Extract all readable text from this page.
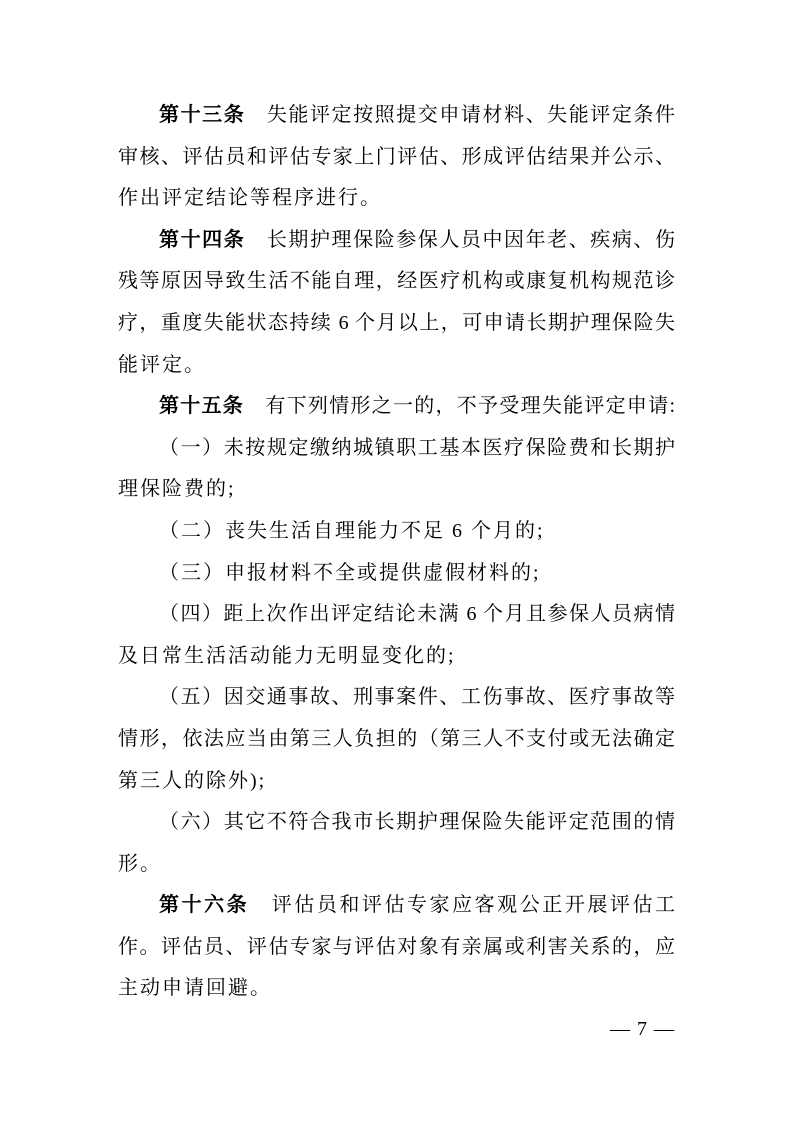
第十三条　失能评定按照提交申请材料、失能评定条件
审核、评估员和评估专家上门评估、形成评估结果并公示、
作出评定结论等程序进行。
第十四条　长期护理保险参保人员中因年老、疾病、伤
残等原因导致生活不能自理，经医疗机构或康复机构规范诊
疗，重度失能状态持续 6 个月以上，可申请长期护理保险失
能评定。
第十五条　有下列情形之一的，不予受理失能评定申请:
（一）未按规定缴纳城镇职工基本医疗保险费和长期护
理保险费的;
（二）丧失生活自理能力不足 6 个月的;
（三）申报材料不全或提供虚假材料的;
（四）距上次作出评定结论未满 6 个月且参保人员病情
及日常生活活动能力无明显变化的;
（五）因交通事故、刑事案件、工伤事故、医疗事故等
情形，依法应当由第三人负担的（第三人不支付或无法确定
第三人的除外);
（六）其它不符合我市长期护理保险失能评定范围的情
形。
第十六条　评估员和评估专家应客观公正开展评估工
作。评估员、评估专家与评估对象有亲属或利害关系的，应
主动申请回避。
— 7 —
